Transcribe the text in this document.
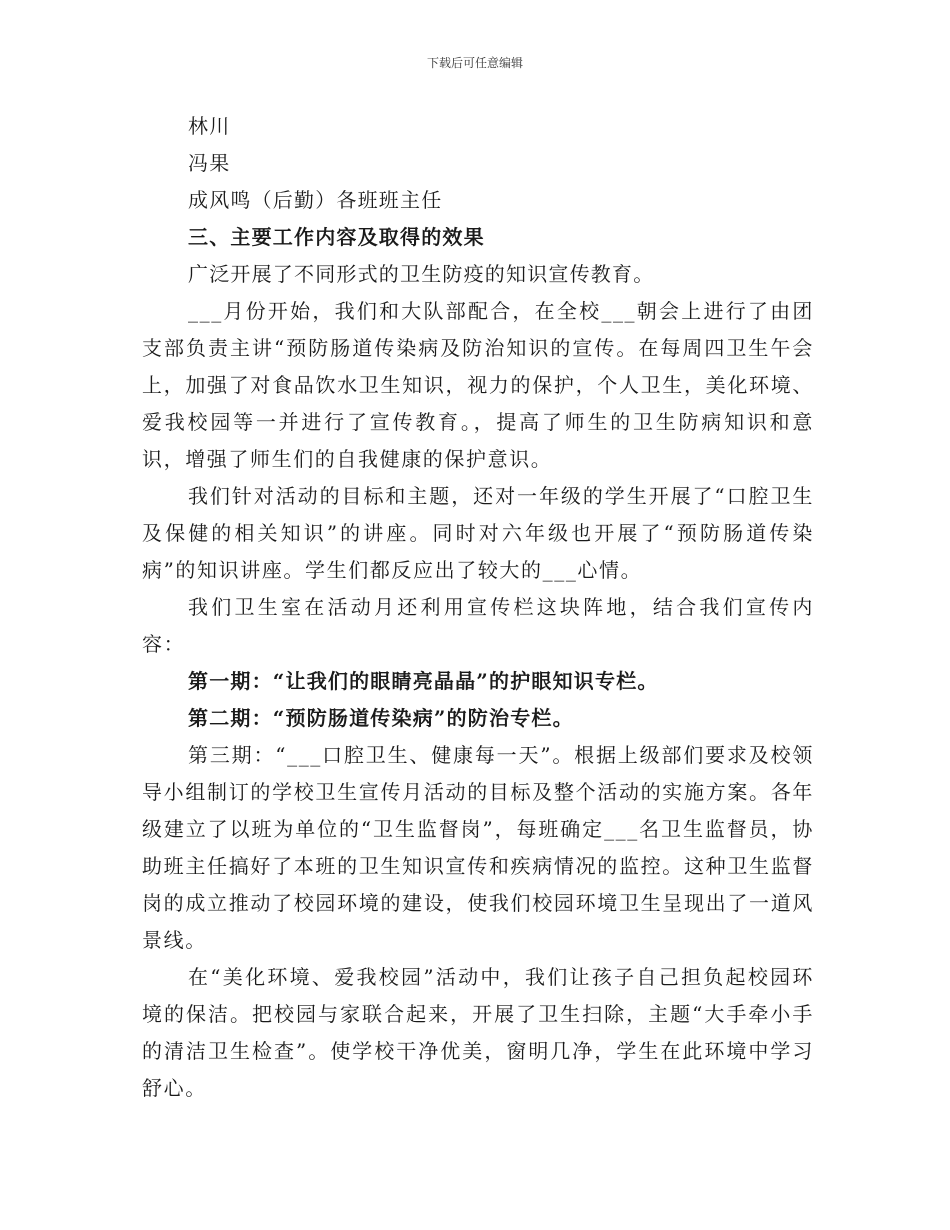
下载后可任意编辑

林川

冯果

成风鸣（后勤）各班班主任

三、主要工作内容及取得的效果

广泛开展了不同形式的卫生防疫的知识宣传教育。

___月份开始，我们和大队部配合，在全校___朝会上进行了由团支部负责主讲“预防肠道传染病及防治知识的宣传。在每周四卫生午会上，加强了对食品饮水卫生知识，视力的保护，个人卫生，美化环境、爱我校园等一并进行了宣传教育。，提高了师生的卫生防病知识和意识，增强了师生们的自我健康的保护意识。

我们针对活动的目标和主题，还对一年级的学生开展了“口腔卫生及保健的相关知识”的讲座。同时对六年级也开展了“预防肠道传染病”的知识讲座。学生们都反应出了较大的___心情。

我们卫生室在活动月还利用宣传栏这块阵地，结合我们宣传内容：

第一期：“让我们的眼睛亮晶晶”的护眼知识专栏。

第二期：“预防肠道传染病”的防治专栏。

第三期：“___口腔卫生、健康每一天”。根据上级部们要求及校领导小组制订的学校卫生宣传月活动的目标及整个活动的实施方案。各年级建立了以班为单位的“卫生监督岗”，每班确定___名卫生监督员，协助班主任搞好了本班的卫生知识宣传和疾病情况的监控。这种卫生监督岗的成立推动了校园环境的建设，使我们校园环境卫生呈现出了一道风景线。

在“美化环境、爱我校园”活动中，我们让孩子自己担负起校园环境的保洁。把校园与家联合起来，开展了卫生扫除，主题“大手牵小手的清洁卫生检查”。使学校干净优美，窗明几净，学生在此环境中学习舒心。
